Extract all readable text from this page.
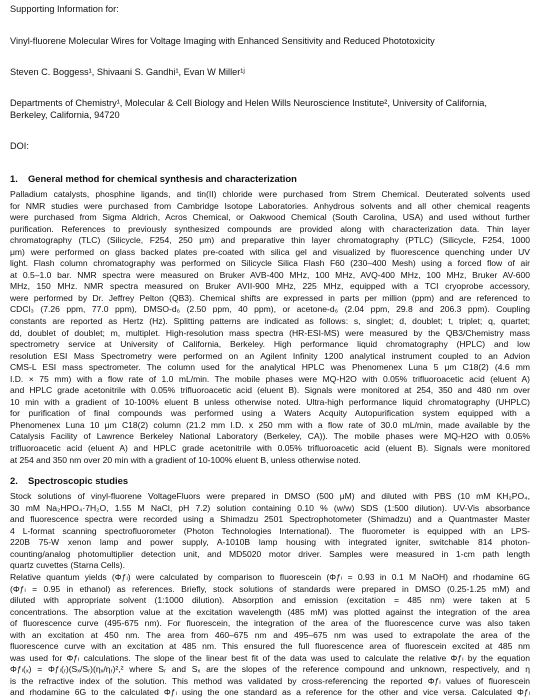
Supporting Information for:

Vinyl-fluorene Molecular Wires for Voltage Imaging with Enhanced Sensitivity and Reduced Phototoxicity

Steven C. Boggess¹, Shivaani S. Gandhi¹, Evan W Miller¹ʲ

Departments of Chemistry¹, Molecular & Cell Biology and Helen Wills Neuroscience Institute², University of California,
Berkeley, California, 94720

DOI:

1. General method for chemical synthesis and characterization
Palladium catalysts, phosphine ligands, and tin(II) chloride were purchased from Strem Chemical. Deuterated solvents used
for NMR studies were purchased from Cambridge Isotope Laboratories. Anhydrous solvents and all other chemical reagents
were purchased from Sigma Aldrich, Acros Chemical, or Oakwood Chemical (South Carolina, USA) and used without further
purification. References to previously synthesized compounds are provided along with characterization data. Thin layer
chromatography (TLC) (Silicycle, F254, 250 μm) and preparative thin layer chromatography (PTLC) (Silicycle, F254, 1000
μm) were performed on glass backed plates pre-coated with silica gel and visualized by fluorescence quenching under UV
light. Flash column chromatography was performed on Silicycle Silica Flash F60 (230–400 Mesh) using a forced flow of air
at 0.5–1.0 bar. NMR spectra were measured on Bruker AVB-400 MHz, 100 MHz, AVQ-400 MHz, 100 MHz, Bruker AV-600
MHz, 150 MHz. NMR spectra measured on Bruker AVII-900 MHz, 225 MHz, equipped with a TCI cryoprobe accessory,
were performed by Dr. Jeffrey Pelton (QB3). Chemical shifts are expressed in parts per million (ppm) and are referenced to
CDCl₃ (7.26 ppm, 77.0 ppm), DMSO-d₆ (2.50 ppm, 40 ppm), or acetone-d₆ (2.04 ppm, 29.8 and 206.3 ppm). Coupling
constants are reported as Hertz (Hz). Splitting patterns are indicated as follows: s, singlet; d, doublet; t, triplet; q, quartet;
dd, doublet of doublet; m, multiplet. High-resolution mass spectra (HR-ESI-MS) were measured by the QB3/Chemistry mass
spectrometry service at University of California, Berkeley. High performance liquid chromatography (HPLC) and low
resolution ESI Mass Spectrometry were performed on an Agilent Infinity 1200 analytical instrument coupled to an Advion
CMS-L ESI mass spectrometer. The column used for the analytical HPLC was Phenomenex Luna 5 μm C18(2) (4.6 mm
I.D. × 75 mm) with a flow rate of 1.0 mL/min. The mobile phases were MQ-H2O with 0.05% trifluoroacetic acid (eluent A)
and HPLC grade acetonitrile with 0.05% trifluoroacetic acid (eluent B). Signals were monitored at 254, 350 and 480 nm over
10 min with a gradient of 10-100% eluent B unless otherwise noted. Ultra-high performance liquid chromatography (UHPLC)
for purification of final compounds was performed using a Waters Acquity Autopurification system equipped with a
Phenomenex Luna 10 μm C18(2) column (21.2 mm I.D. x 250 mm with a flow rate of 30.0 mL/min, made available by the
Catalysis Facility of Lawrence Berkeley National Laboratory (Berkeley, CA)). The mobile phases were MQ-H2O with 0.05%
trifluoroacetic acid (eluent A) and HPLC grade acetonitrile with 0.05% trifluoroacetic acid (eluent B). Signals were monitored
at 254 and 350 nm over 20 min with a gradient of 10-100% eluent B, unless otherwise noted.
2. Spectroscopic studies
Stock solutions of vinyl-fluorene VoltageFluors were prepared in DMSO (500 μM) and diluted with PBS (10 mM KH₂PO₄,
30 mM Na₂HPO₄·7H₂O, 1.55 M NaCl, pH 7.2) solution containing 0.10 % (w/w) SDS (1:500 dilution). UV-Vis absorbance
and fluorescence spectra were recorded using a Shimadzu 2501 Spectrophotometer (Shimadzu) and a Quantmaster Master
4 L-format scanning spectrofluorometer (Photon Technologies International). The fluorometer is equipped with an LPS-
220B 75-W xenon lamp and power supply, A-1010B lamp housing with integrated igniter, switchable 814 photon-
counting/analog photomultiplier detection unit, and MD5020 motor driver. Samples were measured in 1-cm path length
quartz cuvettes (Starna Cells).
Relative quantum yields (Φƒₗ) were calculated by comparison to fluorescein (Φƒₗ = 0.93 in 0.1 M NaOH) and rhodamine 6G
(Φƒₗ = 0.95 in ethanol) as references. Briefly, stock solutions of standards were prepared in DMSO (0.25-1.25 mM) and
diluted with appropriate solvent (1:1000 dilution). Absorption and emission (excitation = 485 nm) were taken at 5
concentrations. The absorption value at the excitation wavelength (485 mM) was plotted against the integration of the area
of fluorescence curve (495-675 nm). For fluorescein, the integration of the area of the fluorescence curve was also taken
with an excitation at 450 nm. The area from 460–675 nm and 495–675 nm was used to extrapolate the area of the
fluorescence curve with an excitation at 485 nm. This ensured the full fluorescence area of fluorescein excited at 485 nm
was used for Φƒₗ calculations. The slope of the linear best fit of the data was used to calculate the relative Φƒₗ by the equation
Φƒₗ(ₓ) = Φƒₗ(ᵣ)(Sₓ/Sᵣ)(ηₓ/ηᵣ)²,² where Sᵣ and Sₓ are the slopes of the reference compound and unknown, respectively, and η
is the refractive index of the solution. This method was validated by cross-referencing the reported Φƒₗ values of fluorescein
and rhodamine 6G to the calculated Φƒₗ using the one standard as a reference for the other and vice versa. Calculated Φƒₗ
